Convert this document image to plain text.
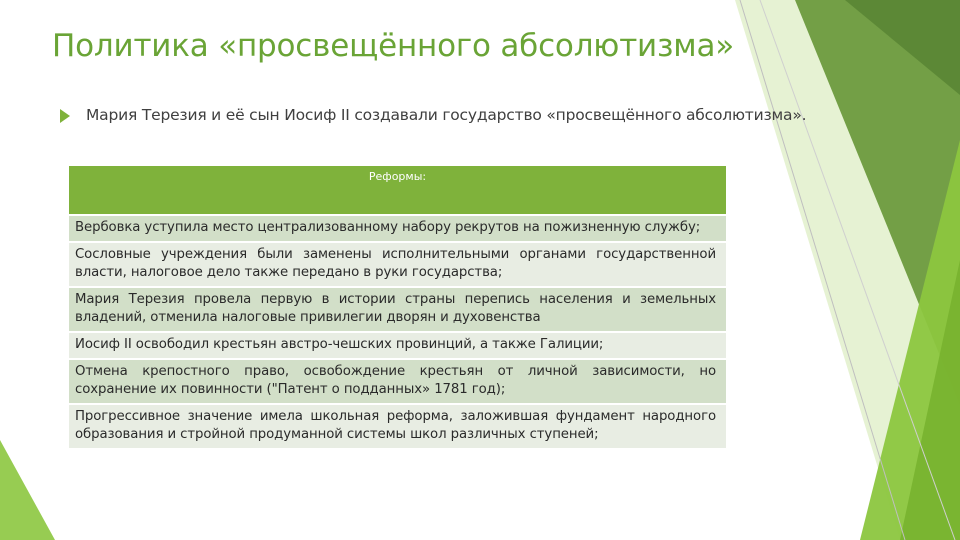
Политика «просвещённого абсолютизма»
Мария Терезия и её сын Иосиф II создавали государство «просвещённого абсолютизма».
Реформы:
Вербовка уступила место централизованному набору рекрутов на пожизненную службу;
Сословные учреждения были заменены исполнительными органами государственной власти, налоговое дело также передано в руки государства;
Мария Терезия провела первую в истории страны перепись населения и земельных владений, отменила налоговые привилегии дворян и духовенства
Иосиф II освободил крестьян австро-чешских провинций, а также Галиции;
Отмена крепостного право, освобождение крестьян от личной зависимости, но сохранение их повинности ("Патент о подданных» 1781 год);
Прогрессивное значение имела школьная реформа, заложившая фундамент народного образования и стройной продуманной системы школ различных ступеней;
